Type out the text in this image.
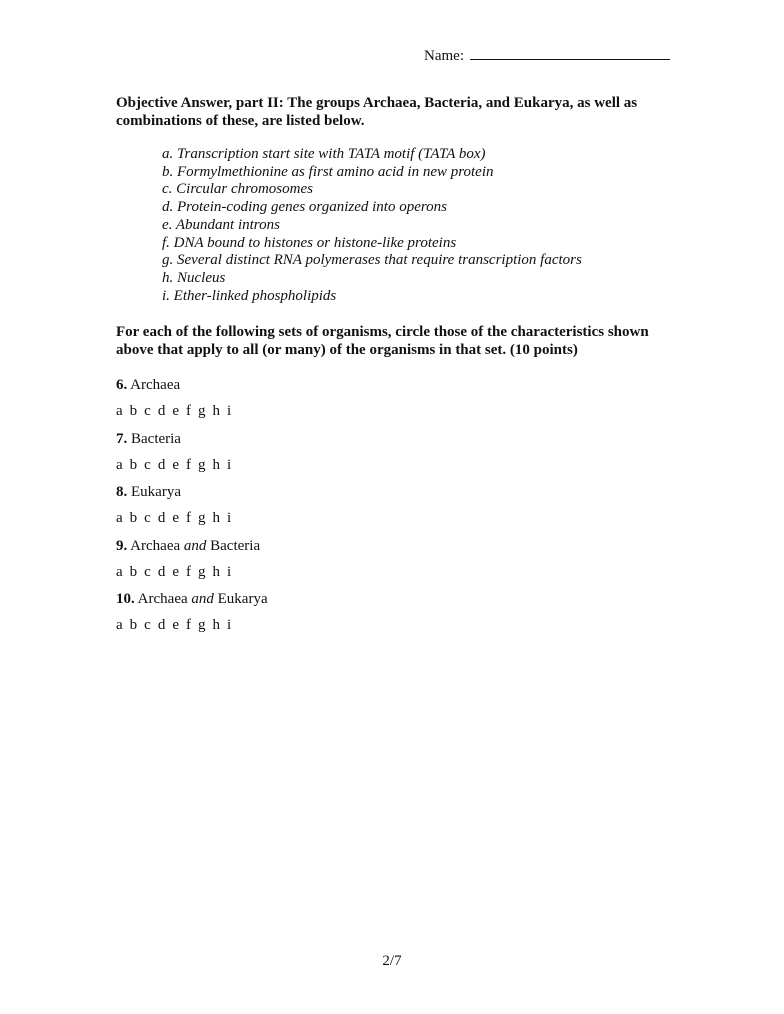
Name:
Objective Answer, part II: The groups Archaea, Bacteria, and Eukarya, as well as combinations of these, are listed below.
a. Transcription start site with TATA motif (TATA box)
b. Formylmethionine as first amino acid in new protein
c. Circular chromosomes
d. Protein-coding genes organized into operons
e. Abundant introns
f. DNA bound to histones or histone-like proteins
g. Several distinct RNA polymerases that require transcription factors
h. Nucleus
i. Ether-linked phospholipids
For each of the following sets of organisms, circle those of the characteristics shown above that apply to all (or many) of the organisms in that set. (10 points)
6. Archaea
a b c d e f g h i
7. Bacteria
a b c d e f g h i
8. Eukarya
a b c d e f g h i
9. Archaea and Bacteria
a b c d e f g h i
10. Archaea and Eukarya
a b c d e f g h i
2/7
